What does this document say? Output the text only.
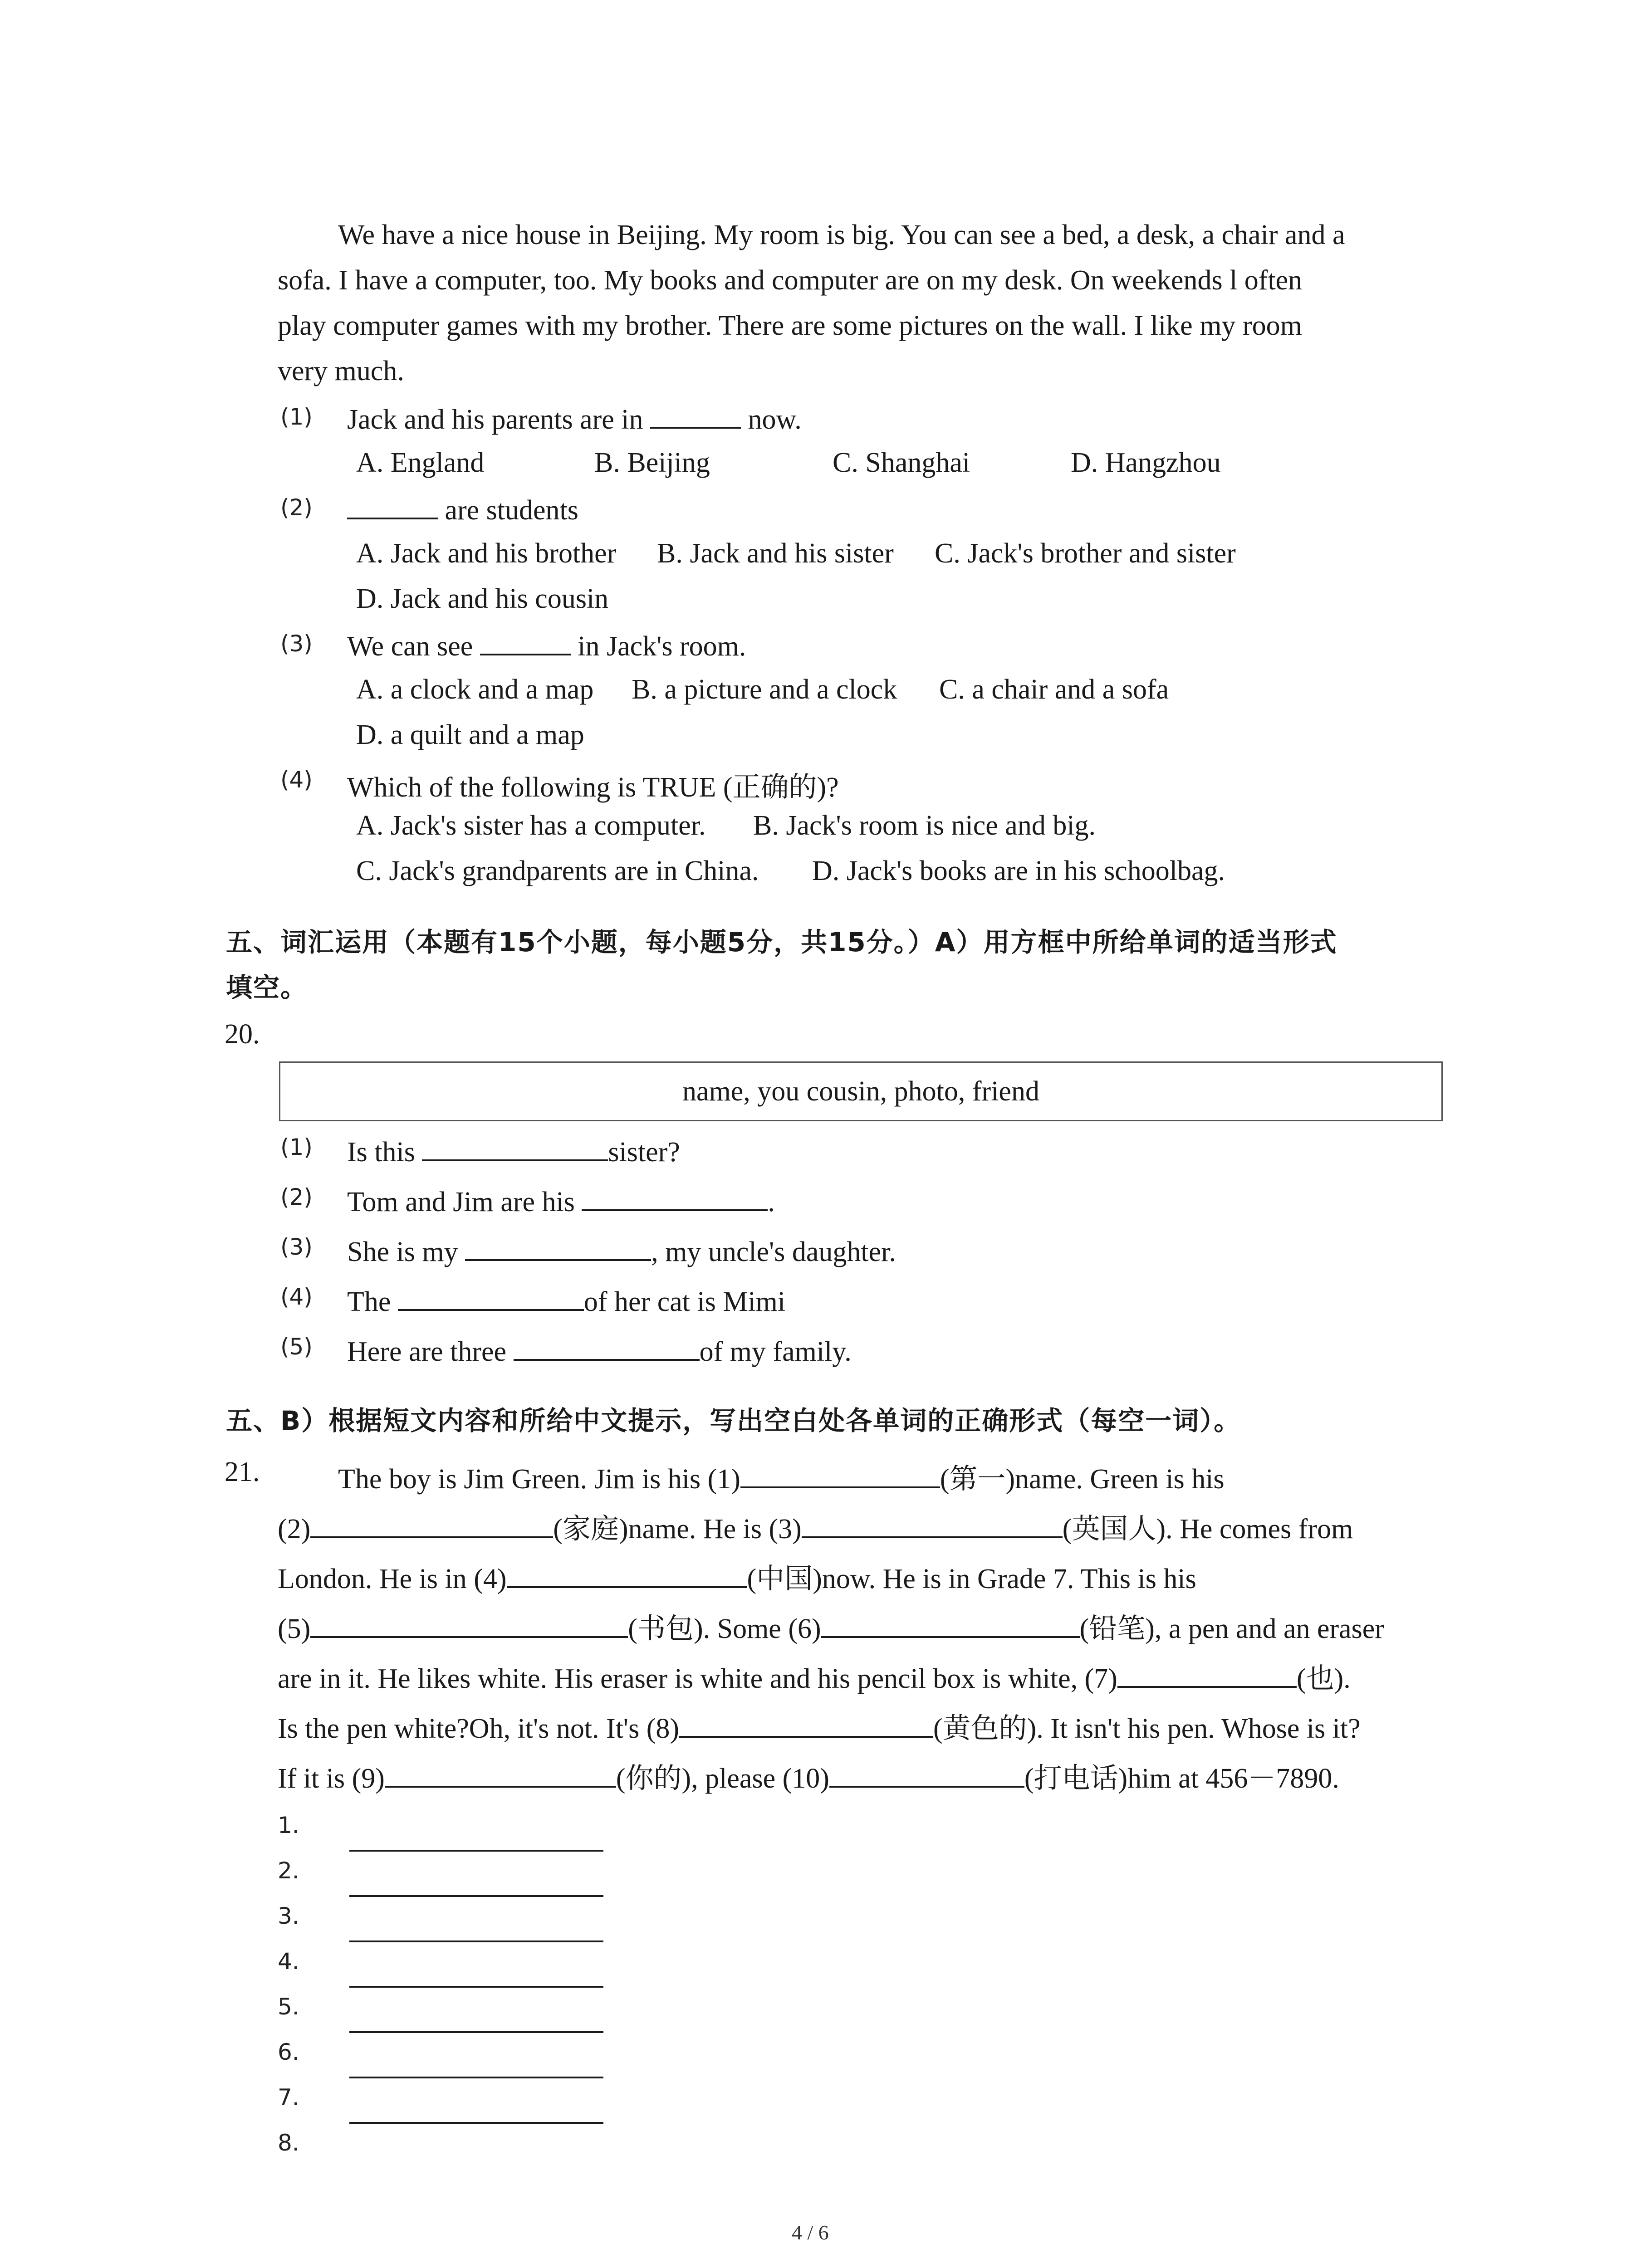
We have a nice house in Beijing. My room is big. You can see a bed, a desk, a chair and a
sofa. I have a computer, too. My books and computer are on my desk. On weekends l often
play computer games with my brother. There are some pictures on the wall. I like my room
very much.
(1) Jack and his parents are in	now.
A. England	B. Beijing	C. Shanghai	D. Hangzhou
(2)	are students
A. Jack and his brother B. Jack and his sister C. Jack's brother and sister
D. Jack and his cousin
(3) We can see	in Jack's room.
A. a clock and a map B. a picture and a clock C. a chair and a sofa
D. a quilt and a map
(4) Which of the following is TRUE (正确的)?
A. Jack's sister has a computer. B. Jack's room is nice and big.
C. Jack's grandparents are in China. D. Jack's books are in his schoolbag.
五、词汇运用（本题有15个小题，每小题5分，共15分。）A）用方框中所给单词的适当形式
填空。
20.
name, you cousin, photo, friend
(1) Is this	sister?
(2) Tom and Jim are his	.
(3) She is my	, my uncle's daughter.
(4) The	of her cat is Mimi
(5) Here are three	of my family.
五、B）根据短文内容和所给中文提示，写出空白处各单词的正确形式（每空一词）。
21.	The boy is Jim Green. Jim is his (1)	(第一)name. Green is his
(2)	(家庭)name. He is (3)	(英国人). He comes from
London. He is in (4)	(中国)now. He is in Grade 7. This is his
(5)	(书包). Some (6)	(铅笔), a pen and an eraser
are in it. He likes white. His eraser is white and his pencil box is white, (7)	(也).
Is the pen white?Oh, it's not. It's (8)	(黄色的). It isn't his pen. Whose is it?
If it is (9)	(你的), please (10)	(打电话)him at 456－7890.
1.
2.
3.
4.
5.
6.
7.
8.
4 / 6
